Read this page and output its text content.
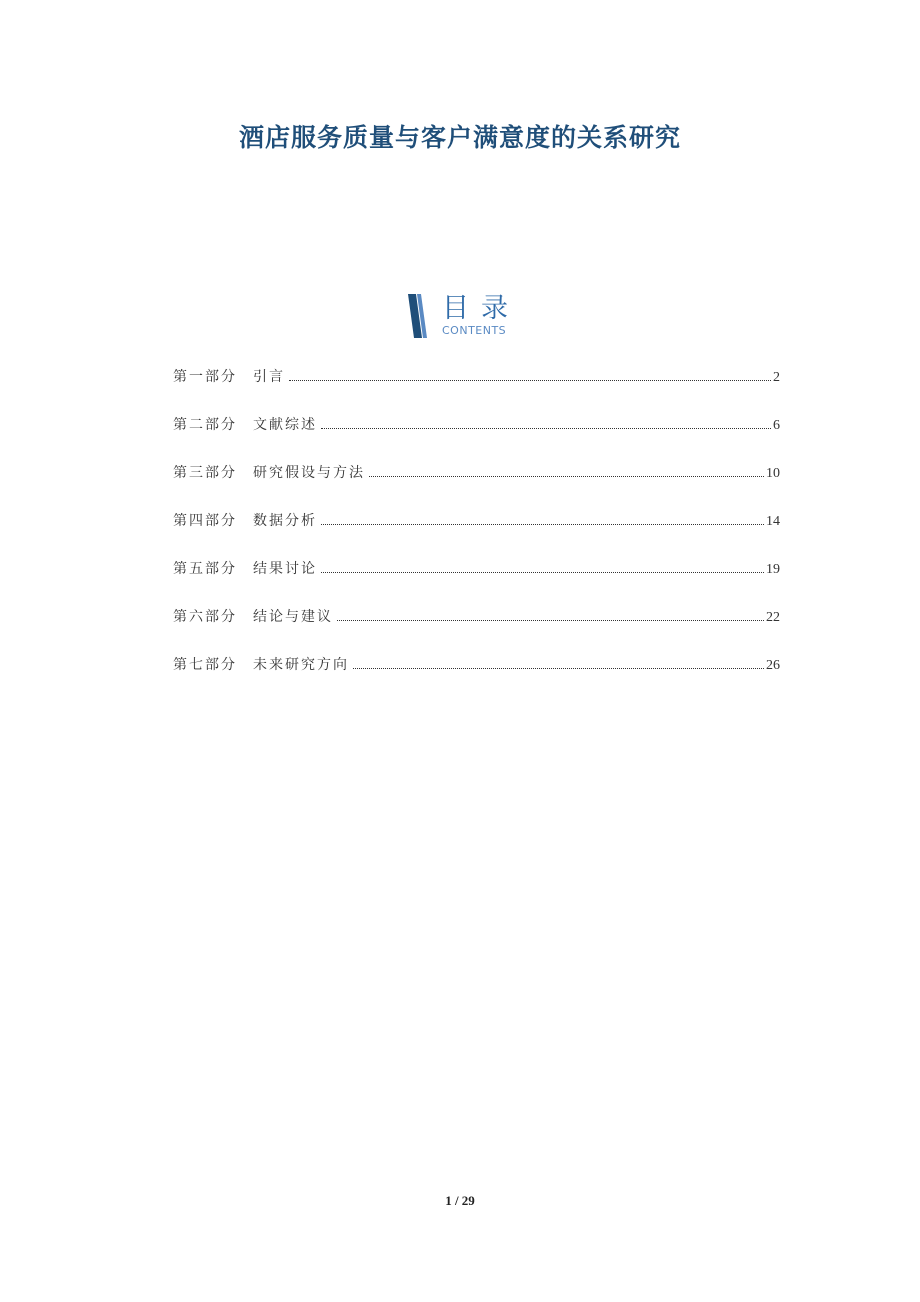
酒店服务质量与客户满意度的关系研究
目录
CONTENTS
第一部分	引言	2
第二部分	文献综述	6
第三部分	研究假设与方法	10
第四部分	数据分析	14
第五部分	结果讨论	19
第六部分	结论与建议	22
第七部分	未来研究方向	26
1 / 29
